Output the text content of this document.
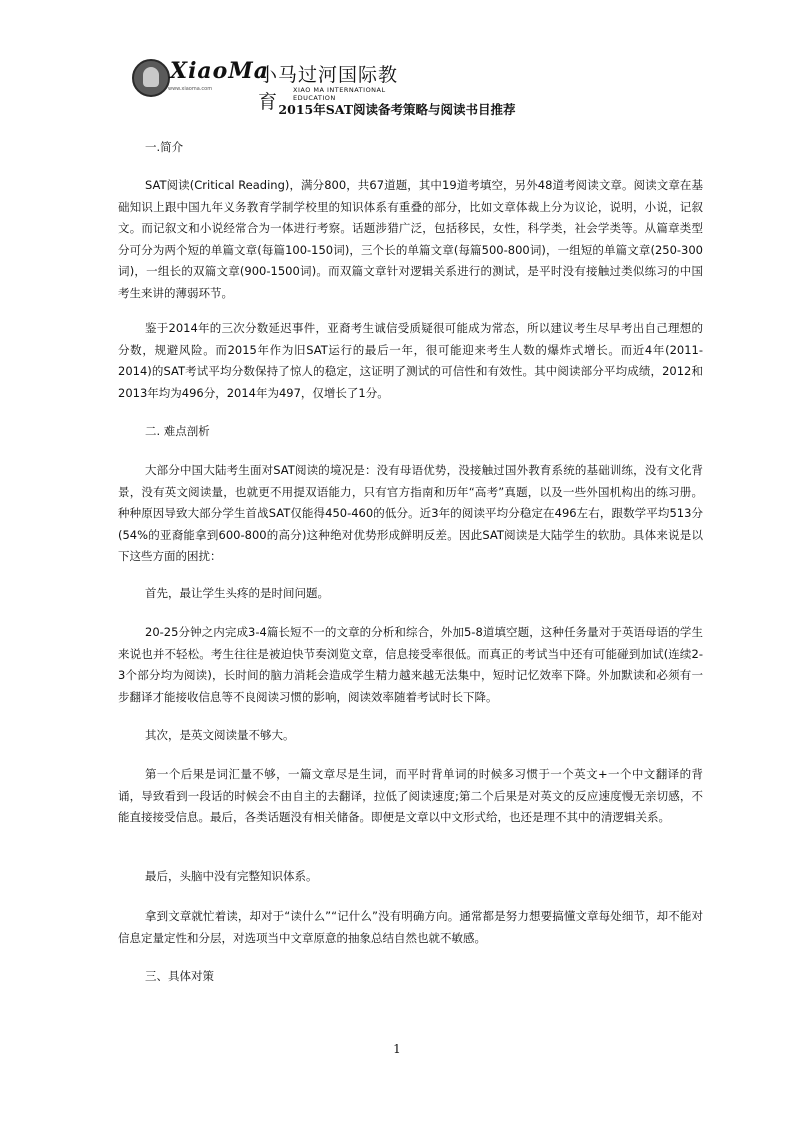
XiaoMa
小马过河国际教育
www.xiaoma.com	XIAO MA INTERNATIONAL EDUCATION
2015年SAT阅读备考策略与阅读书目推荐
一.简介
SAT阅读(Critical Reading)，满分800，共67道题，其中19道考填空，另外48道考阅读文章。阅读文章在基础知识上跟中国九年义务教育学制学校里的知识体系有重叠的部分，比如文章体裁上分为议论，说明，小说，记叙文。而记叙文和小说经常合为一体进行考察。话题涉猎广泛，包括移民，女性，科学类，社会学类等。从篇章类型分可分为两个短的单篇文章(每篇100-150词)，三个长的单篇文章(每篇500-800词)，一组短的单篇文章(250-300词)，一组长的双篇文章(900-1500词)。而双篇文章针对逻辑关系进行的测试，是平时没有接触过类似练习的中国考生来讲的薄弱环节。
鉴于2014年的三次分数延迟事件，亚裔考生诚信受质疑很可能成为常态，所以建议考生尽早考出自己理想的分数，规避风险。而2015年作为旧SAT运行的最后一年，很可能迎来考生人数的爆炸式增长。而近4年(2011-2014)的SAT考试平均分数保持了惊人的稳定，这证明了测试的可信性和有效性。其中阅读部分平均成绩，2012和2013年均为496分，2014年为497，仅增长了1分。
二. 难点剖析
大部分中国大陆考生面对SAT阅读的境况是：没有母语优势，没接触过国外教育系统的基础训练，没有文化背景，没有英文阅读量，也就更不用提双语能力，只有官方指南和历年“高考”真题，以及一些外国机构出的练习册。种种原因导致大部分学生首战SAT仅能得450-460的低分。近3年的阅读平均分稳定在496左右，跟数学平均513分(54%的亚裔能拿到600-800的高分)这种绝对优势形成鲜明反差。因此SAT阅读是大陆学生的软肋。具体来说是以下这些方面的困扰：
首先，最让学生头疼的是时间问题。
20-25分钟之内完成3-4篇长短不一的文章的分析和综合，外加5-8道填空题，这种任务量对于英语母语的学生来说也并不轻松。考生往往是被迫快节奏浏览文章，信息接受率很低。而真正的考试当中还有可能碰到加试(连续2-3个部分均为阅读)，长时间的脑力消耗会造成学生精力越来越无法集中，短时记忆效率下降。外加默读和必须有一步翻译才能接收信息等不良阅读习惯的影响，阅读效率随着考试时长下降。
其次，是英文阅读量不够大。
第一个后果是词汇量不够，一篇文章尽是生词，而平时背单词的时候多习惯于一个英文+一个中文翻译的背诵，导致看到一段话的时候会不由自主的去翻译，拉低了阅读速度;第二个后果是对英文的反应速度慢无亲切感，不能直接接受信息。最后，各类话题没有相关储备。即便是文章以中文形式给，也还是理不其中的清逻辑关系。
最后，头脑中没有完整知识体系。
拿到文章就忙着读，却对于“读什么”“记什么”没有明确方向。通常都是努力想要搞懂文章每处细节，却不能对信息定量定性和分层，对选项当中文章原意的抽象总结自然也就不敏感。
三、具体对策
1
